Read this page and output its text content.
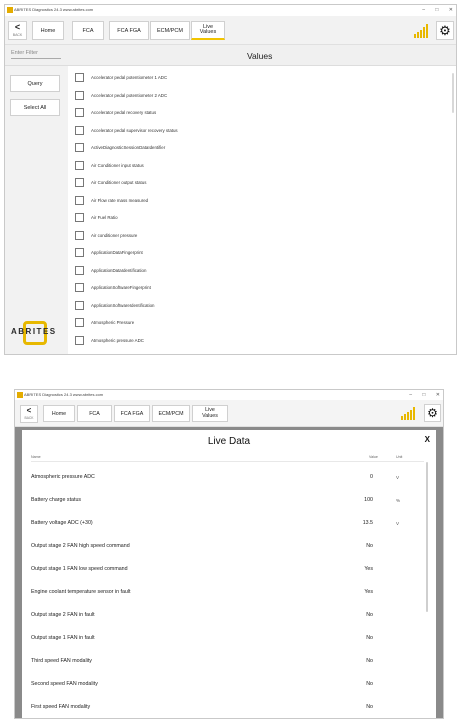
ABRITES Diagnostics 24.3 www.abrites.com	– □ ✕
<
BACK
Home	FCA	FCA FGA	ECM/PCM
Live
Values	⚙
Enter Filter	Values
Query
Select All
ABRITES
Accelerator pedal potentiometer 1 ADC
Accelerator pedal potentiometer 2 ADC
Accelerator pedal recovery status
Accelerator pedal supervisor recovery status
ActiveDiagnosticSessionDataIdentifier
Air Conditioner input status
Air Conditioner output status
Air Flow rate mass measured
Air Fuel Ratio
Air conditioner pressure
ApplicationDataFingerprint
ApplicationDataIdentification
ApplicationSoftwareFingerprint
ApplicationSoftwareIdentification
Atmospheric Pressure
Atmospheric pressure ADC
ABRITES Diagnostics 24.3 www.abrites.com	– □ ✕
<
BACK
Home	FCA	FCA FGA	ECM/PCM
Live
Values	⚙
Live Data	X
Name	Value	Unit
Atmospheric pressure ADC	0	V
Battery charge status	100	%
Battery voltage ADC (+30)	13.5	V
Output stage 2 FAN high speed command	No
Output stage 1 FAN low speed command	Yes
Engine coolant temperature sensor in fault	Yes
Output stage 2 FAN in fault	No
Output stage 1 FAN in fault	No
Third speed FAN modality	No
Second speed FAN modality	No
First speed FAN modality	No
